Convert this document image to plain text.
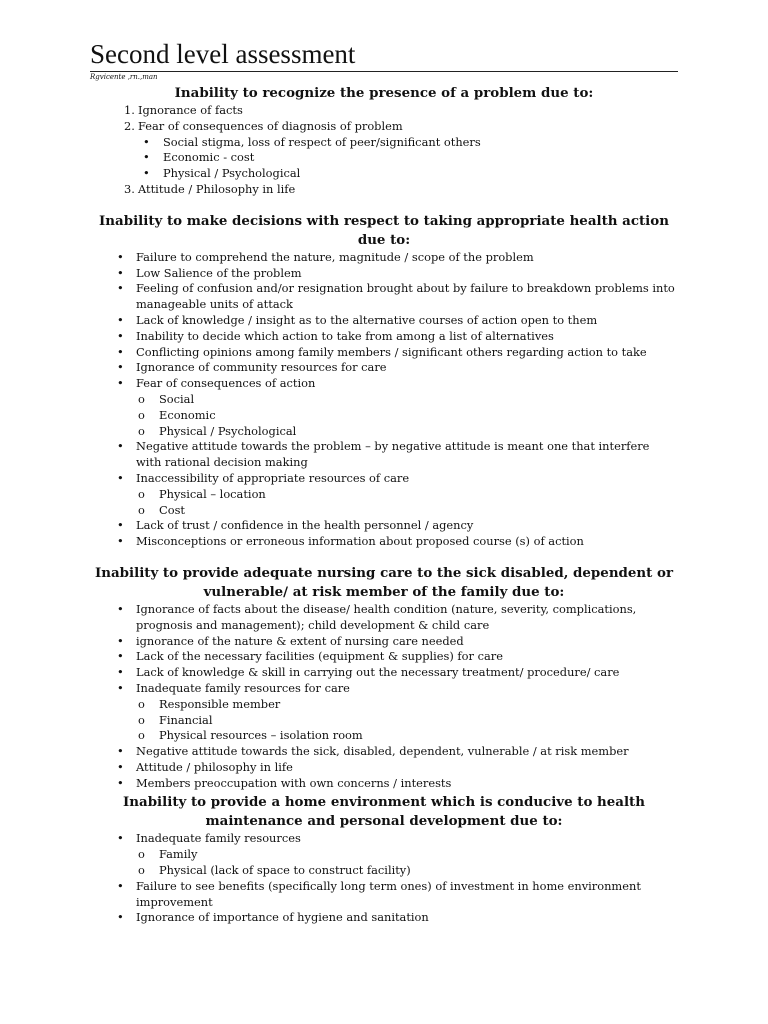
Second level assessment
Rgvicente ,rn.,man
Inability to recognize the presence of a problem due to:
1. Ignorance of facts
2. Fear of consequences of diagnosis of problem
• Social stigma, loss of respect of peer/significant others
• Economic - cost
• Physical / Psychological
3. Attitude / Philosophy in life
Inability to make decisions with respect to taking appropriate health action
due to:
• Failure to comprehend the nature, magnitude / scope of the problem
• Low Salience of the problem
• Feeling of confusion and/or resignation brought about by failure to breakdown problems into manageable units of attack
• Lack of knowledge / insight as to the alternative courses of action open to them
• Inability to decide which action to take from among a list of alternatives
• Conflicting opinions among family members / significant others regarding action to take
• Ignorance of community resources for care
• Fear of consequences of action
o Social
o Economic
o Physical / Psychological
• Negative attitude towards the problem – by negative attitude is meant one that interfere with rational decision making
• Inaccessibility of appropriate resources of care
o Physical – location
o Cost
• Lack of trust / confidence in the health personnel / agency
• Misconceptions or erroneous information about proposed course (s) of action
Inability to provide adequate nursing care to the sick disabled, dependent or
vulnerable/ at risk member of the family due to:
• Ignorance of facts about the disease/ health condition (nature, severity, complications, prognosis and management); child development & child care
• ignorance of the nature & extent of nursing care needed
• Lack of the necessary facilities (equipment & supplies) for care
• Lack of knowledge & skill in carrying out the necessary treatment/ procedure/ care
• Inadequate family resources for care
o Responsible member
o Financial
o Physical resources – isolation room
• Negative attitude towards the sick, disabled, dependent, vulnerable / at risk member
• Attitude / philosophy in life
• Members preoccupation with own concerns / interests
Inability to provide a home environment which is conducive to health
maintenance and personal development due to:
• Inadequate family resources
o Family
o Physical (lack of space to construct facility)
• Failure to see benefits (specifically long term ones) of investment in home environment improvement
• Ignorance of importance of hygiene and sanitation
